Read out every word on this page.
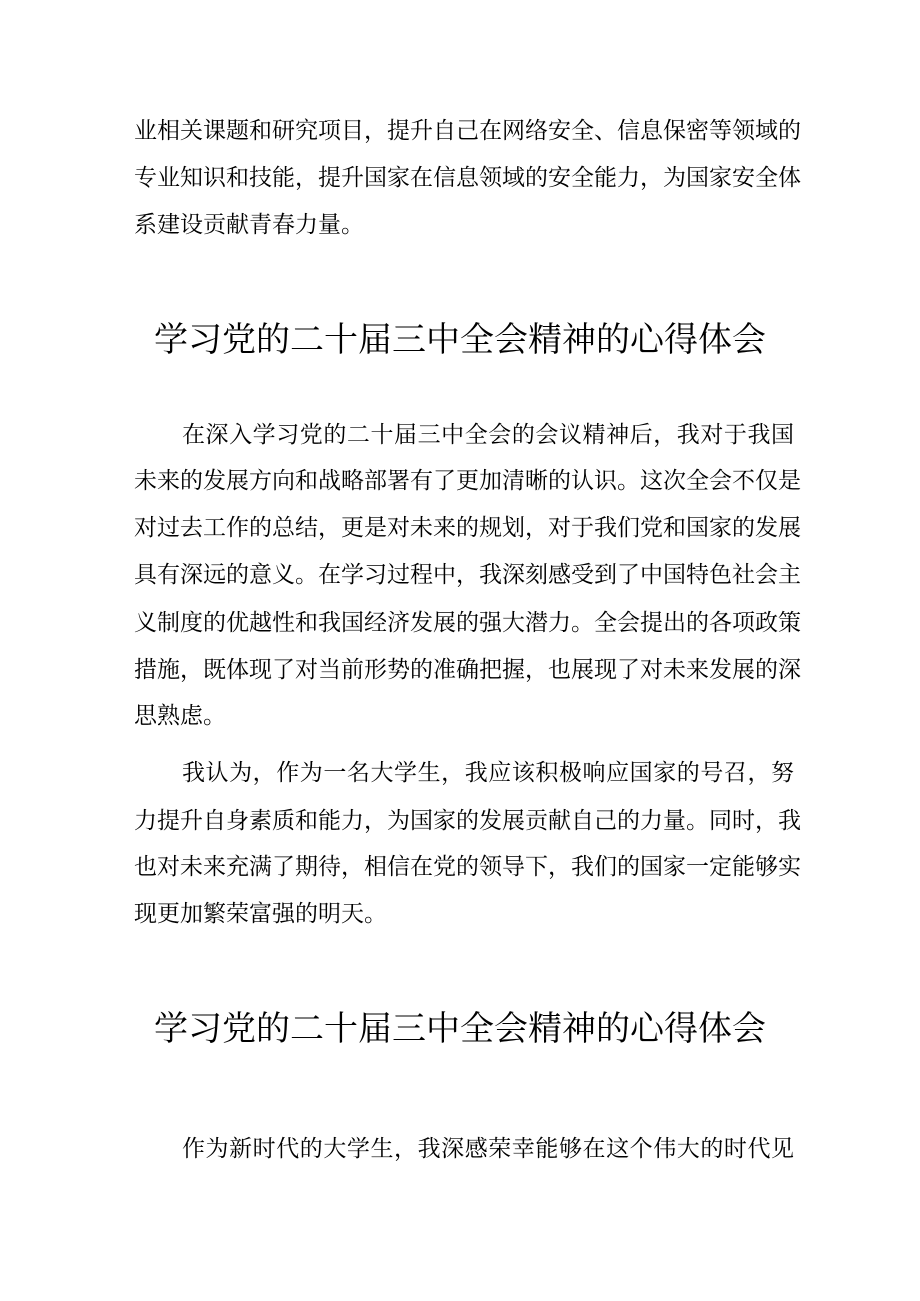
业相关课题和研究项目，提升自己在网络安全、信息保密等领域的
专业知识和技能，提升国家在信息领域的安全能力，为国家安全体
系建设贡献青春力量。
学习党的二十届三中全会精神的心得体会
在深入学习党的二十届三中全会的会议精神后，我对于我国
未来的发展方向和战略部署有了更加清晰的认识。这次全会不仅是
对过去工作的总结，更是对未来的规划，对于我们党和国家的发展
具有深远的意义。在学习过程中，我深刻感受到了中国特色社会主
义制度的优越性和我国经济发展的强大潜力。全会提出的各项政策
措施，既体现了对当前形势的准确把握，也展现了对未来发展的深
思熟虑。
我认为，作为一名大学生，我应该积极响应国家的号召，努
力提升自身素质和能力，为国家的发展贡献自己的力量。同时，我
也对未来充满了期待，相信在党的领导下，我们的国家一定能够实
现更加繁荣富强的明天。
学习党的二十届三中全会精神的心得体会
作为新时代的大学生，我深感荣幸能够在这个伟大的时代见
